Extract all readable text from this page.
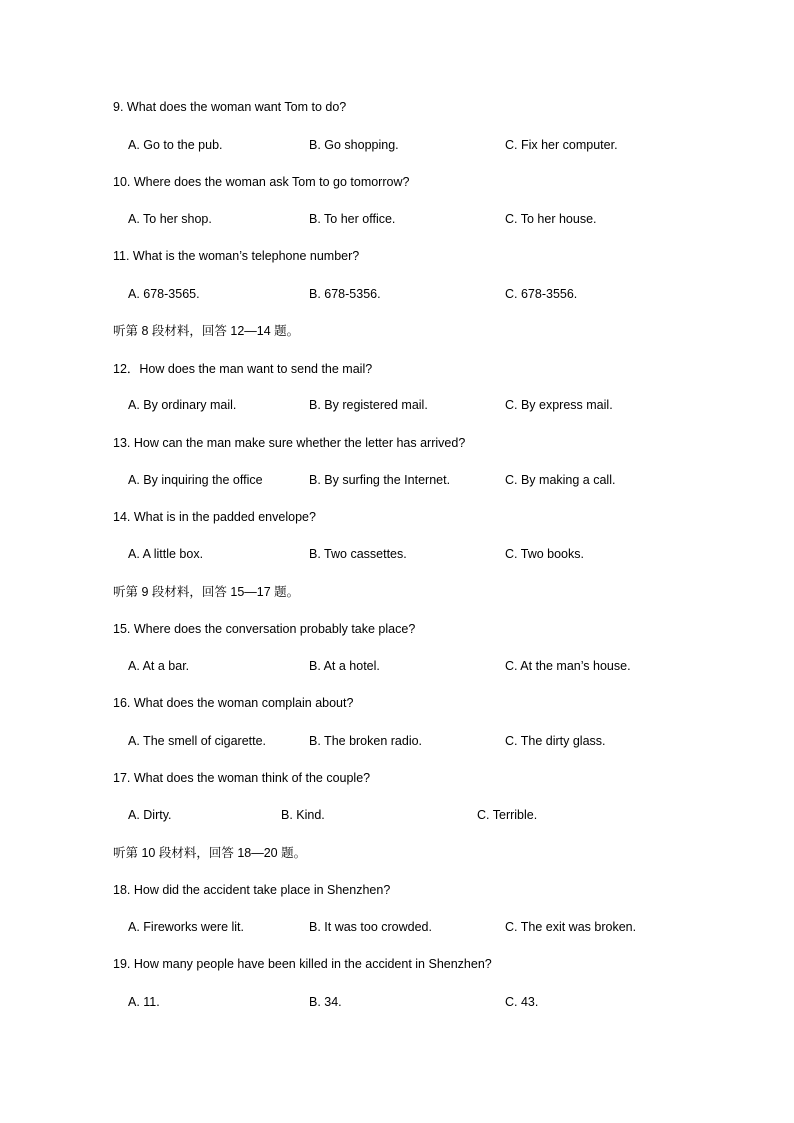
9. What does the woman want Tom to do?
A. Go to the pub.	B. Go shopping.	C. Fix her computer.
10. Where does the woman ask Tom to go tomorrow?
A. To her shop.	B. To her office.	C. To her house.
11. What is the woman’s telephone number?
A. 678-3565.	B. 678-5356.	C. 678-3556.
听第 8 段材料，回答 12—14 题。
12．How does the man want to send the mail?
A. By ordinary mail.	B. By registered mail.	C. By express mail.
13. How can the man make sure whether the letter has arrived?
A. By inquiring the office	B. By surfing the Internet.	C. By making a call.
14. What is in the padded envelope?
A. A little box.	B. Two cassettes.	C. Two books.
听第 9 段材料，回答 15—17 题。
15. Where does the conversation probably take place?
A. At a bar.	B. At a hotel.	C. At the man’s house.
16. What does the woman complain about?
A. The smell of cigarette.	B. The broken radio.	C. The dirty glass.
17. What does the woman think of the couple?
A. Dirty.	B. Kind.	C. Terrible.
听第 10 段材料，回答 18—20 题。
18. How did the accident take place in Shenzhen?
A. Fireworks were lit.	B. It was too crowded.	C. The exit was broken.
19. How many people have been killed in the accident in Shenzhen?
A. 11.	B. 34.	C. 43.
